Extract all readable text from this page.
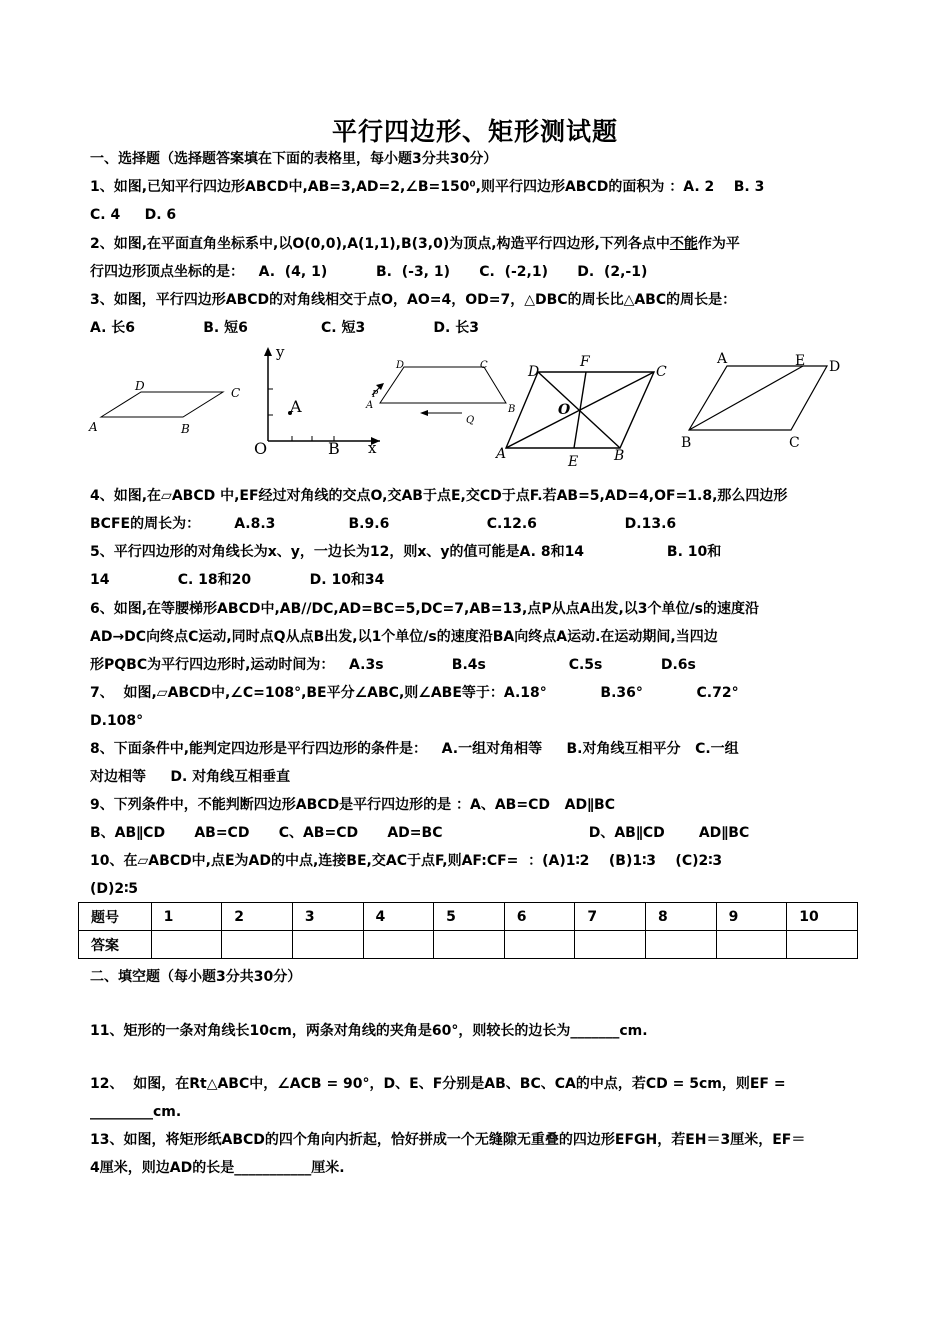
平行四边形、矩形测试题
一、选择题（选择题答案填在下面的表格里，每小题3分共30分）
1、如图,已知平行四边形ABCD中,AB=3,AD=2,∠B=150⁰,则平行四边形ABCD的面积为 ：A. 2    B. 3
C. 4     D. 6
2、如图,在平面直角坐标系中,以O(0,0),A(1,1),B(3,0)为顶点,构造平行四边形,下列各点中不能作为平
行四边形顶点坐标的是：   A.  (4, 1)          B.  (-3, 1)      C.  (-2,1)      D.  (2,-1)
3、如图，平行四边形ABCD的对角线相交于点O，AO=4，OD=7，△DBC的周长比△ABC的周长是：
A. 长6              B. 短6               C. 短3              D. 长3
A	B
C
D
y
A
O	B x
A	B
C
D
P
Q
A	B
C
D
E
F
O
A
B	C
D
E
4、如图,在▱ABCD 中,EF经过对角线的交点O,交AB于点E,交CD于点F.若AB=5,AD=4,OF=1.8,那么四边形
BCFE的周长为：       A.8.3               B.9.6                    C.12.6                  D.13.6
5、平行四边形的对角线长为x、y，一边长为12，则x、y的值可能是A. 8和14                 B. 10和
14              C. 18和20            D. 10和34
6、如图,在等腰梯形ABCD中,AB//DC,AD=BC=5,DC=7,AB=13,点P从点A出发,以3个单位/s的速度沿
AD→DC向终点C运动,同时点Q从点B出发,以1个单位/s的速度沿BA向终点A运动.在运动期间,当四边
形PQBC为平行四边形时,运动时间为：   A.3s              B.4s                 C.5s            D.6s
7、  如图,▱ABCD中,∠C=108°,BE平分∠ABC,则∠ABE等于：A.18°           B.36°           C.72°
D.108°
8、下面条件中,能判定四边形是平行四边形的条件是：   A.一组对角相等     B.对角线互相平分   C.一组
对边相等     D. 对角线互相垂直
9、下列条件中，不能判断四边形ABCD是平行四边形的是 ：A、AB=CD   AD∥BC
B、AB∥CD      AB=CD      C、AB=CD      AD=BC                              D、AB∥CD       AD∥BC
10、在▱ABCD中,点E为AD的中点,连接BE,交AC于点F,则AF:CF=  ：(A)1∶2    (B)1∶3    (C)2∶3
(D)2∶5
题号	1	2	3	4	5	6	7	8	9	10
答案										
二、填空题（每小题3分共30分）
11、矩形的一条对角线长10cm，两条对角线的夹角是60°，则较长的边长为_______cm.
12、  如图，在Rt△ABC中，∠ACB = 90°，D、E、F分别是AB、BC、CA的中点，若CD = 5cm，则EF =
_________cm.
13、如图，将矩形纸ABCD的四个角向内折起，恰好拼成一个无缝隙无重叠的四边形EFGH，若EH＝3厘米，EF＝
4厘米，则边AD的长是___________厘米.
